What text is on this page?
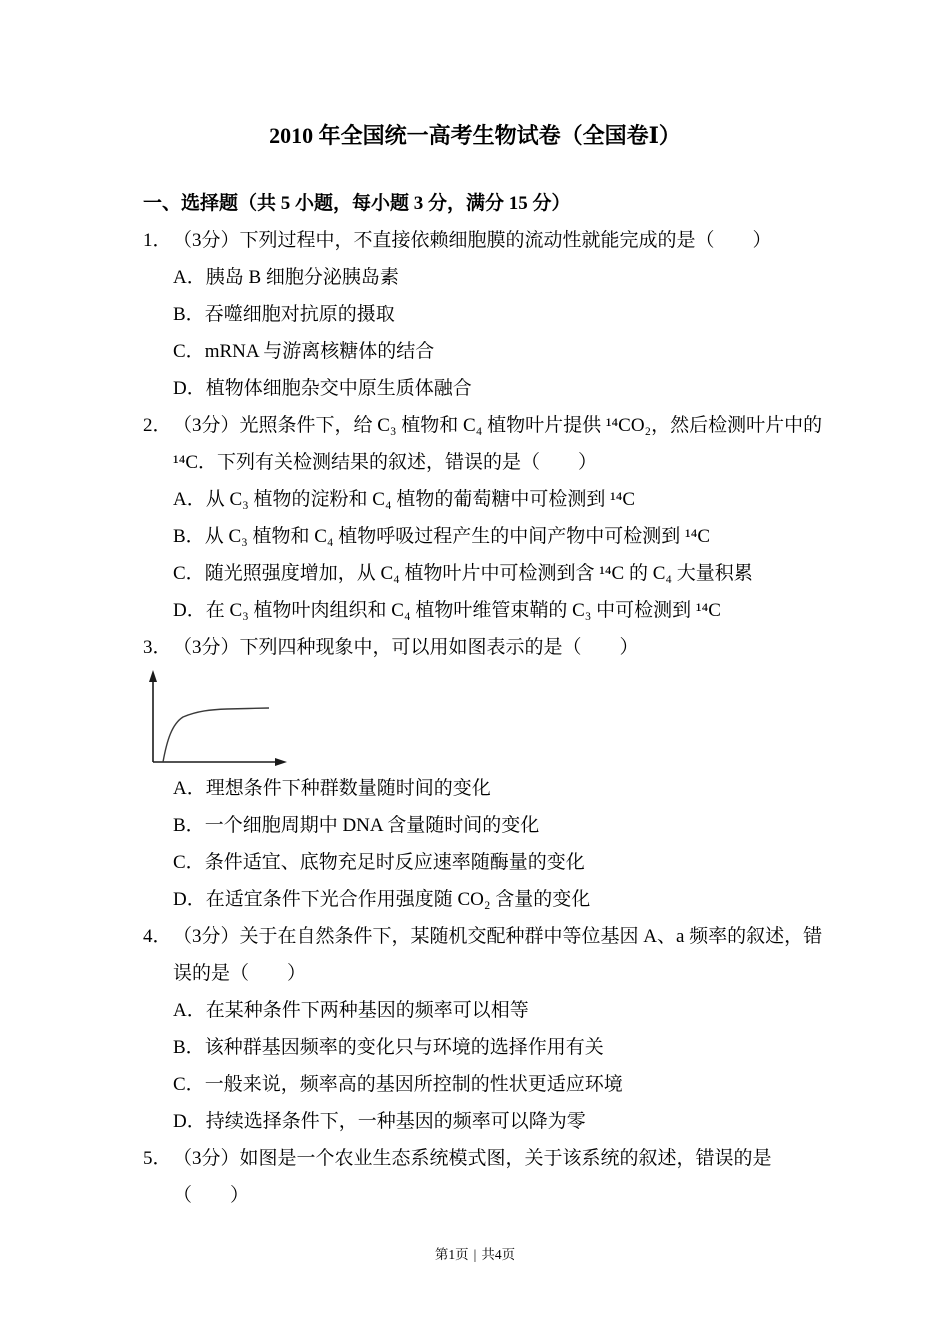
2010 年全国统一高考生物试卷（全国卷Ⅰ）
一、选择题（共 5 小题，每小题 3 分，满分 15 分）

1．（3分）下列过程中，不直接依赖细胞膜的流动性就能完成的是（　　）

A．胰岛 B 细胞分泌胰岛素

B．吞噬细胞对抗原的摄取

C．mRNA 与游离核糖体的结合

D．植物体细胞杂交中原生质体融合

2．（3分）光照条件下，给 C₃ 植物和 C₄ 植物叶片提供 ¹⁴CO₂，然后检测叶片中的 ¹⁴C．下列有关检测结果的叙述，错误的是（　　）

A．从 C₃ 植物的淀粉和 C₄ 植物的葡萄糖中可检测到 ¹⁴C

B．从 C₃ 植物和 C₄ 植物呼吸过程产生的中间产物中可检测到 ¹⁴C

C．随光照强度增加，从 C₄ 植物叶片中可检测到含 ¹⁴C 的 C₄ 大量积累

D．在 C₃ 植物叶肉组织和 C₄ 植物叶维管束鞘的 C₃ 中可检测到 ¹⁴C

3．（3分）下列四种现象中，可以用如图表示的是（　　）

A．理想条件下种群数量随时间的变化

B．一个细胞周期中 DNA 含量随时间的变化

C．条件适宜、底物充足时反应速率随酶量的变化

D．在适宜条件下光合作用强度随 CO₂ 含量的变化

4．（3分）关于在自然条件下，某随机交配种群中等位基因 A、a 频率的叙述，错误的是（　　）

A．在某种条件下两种基因的频率可以相等

B．该种群基因频率的变化只与环境的选择作用有关

C．一般来说，频率高的基因所控制的性状更适应环境

D．持续选择条件下，一种基因的频率可以降为零

5．（3分）如图是一个农业生态系统模式图，关于该系统的叙述，错误的是（　　）

第1页 | 共4页
